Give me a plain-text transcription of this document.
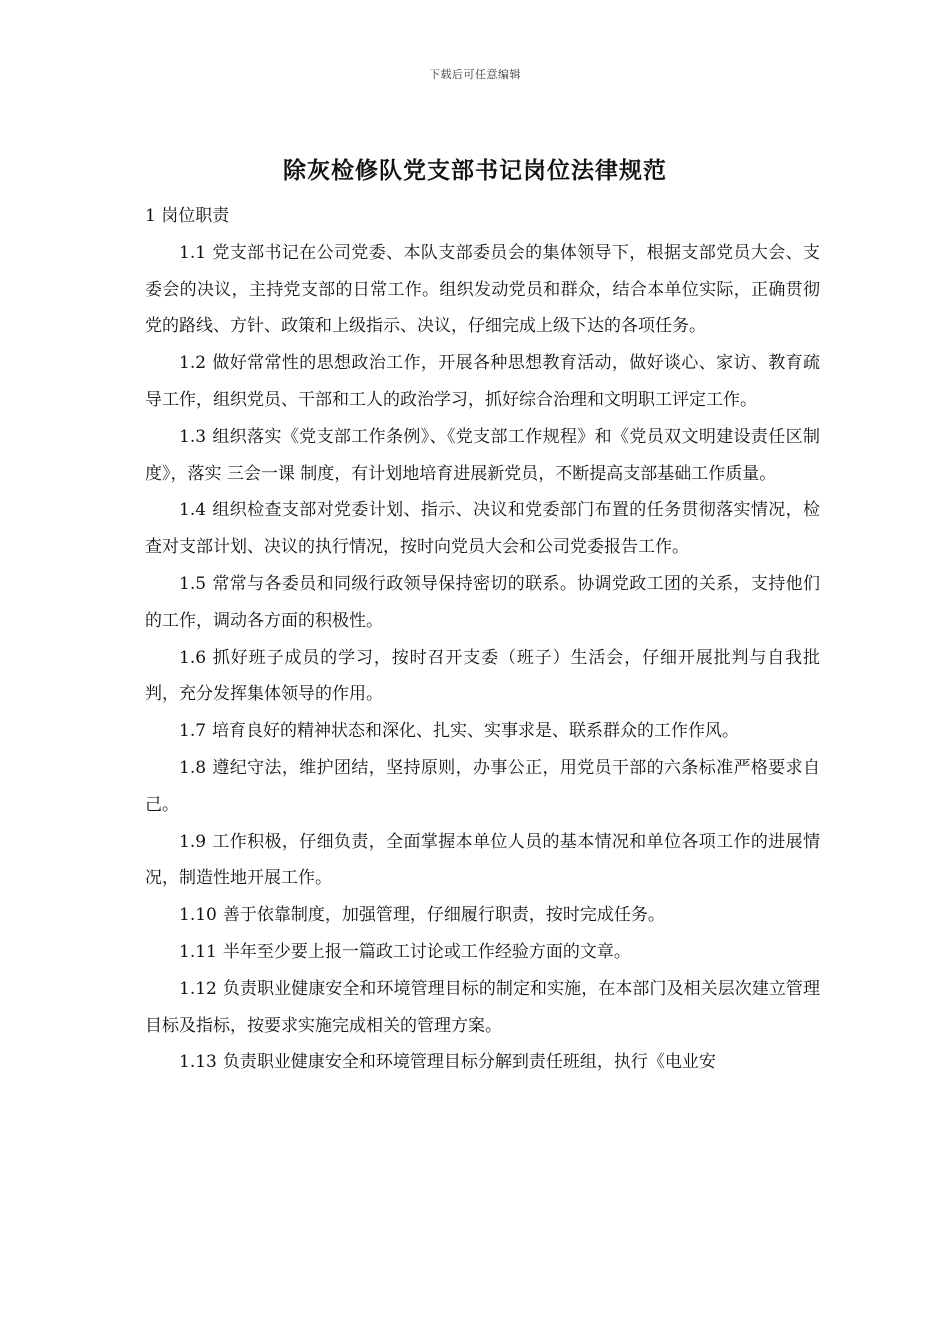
下载后可任意编辑
除灰检修队党支部书记岗位法律规范

1 岗位职责

1.1 党支部书记在公司党委、本队支部委员会的集体领导下，根据支部党员大会、支委会的决议，主持党支部的日常工作。组织发动党员和群众，结合本单位实际，正确贯彻党的路线、方针、政策和上级指示、决议，仔细完成上级下达的各项任务。

1.2 做好常常性的思想政治工作，开展各种思想教育活动，做好谈心、家访、教育疏导工作，组织党员、干部和工人的政治学习，抓好综合治理和文明职工评定工作。

1.3 组织落实《党支部工作条例》、《党支部工作规程》和《党员双文明建设责任区制度》，落实 三会一课 制度，有计划地培育进展新党员，不断提高支部基础工作质量。

1.4 组织检查支部对党委计划、指示、决议和党委部门布置的任务贯彻落实情况，检查对支部计划、决议的执行情况，按时向党员大会和公司党委报告工作。

1.5 常常与各委员和同级行政领导保持密切的联系。协调党政工团的关系，支持他们的工作，调动各方面的积极性。

1.6 抓好班子成员的学习，按时召开支委（班子）生活会，仔细开展批判与自我批判，充分发挥集体领导的作用。

1.7 培育良好的精神状态和深化、扎实、实事求是、联系群众的工作作风。

1.8 遵纪守法，维护团结，坚持原则，办事公正，用党员干部的六条标准严格要求自己。

1.9 工作积极，仔细负责，全面掌握本单位人员的基本情况和单位各项工作的进展情况，制造性地开展工作。

1.10 善于依靠制度，加强管理，仔细履行职责，按时完成任务。

1.11 半年至少要上报一篇政工讨论或工作经验方面的文章。

1.12 负责职业健康安全和环境管理目标的制定和实施，在本部门及相关层次建立管理目标及指标，按要求实施完成相关的管理方案。

1.13 负责职业健康安全和环境管理目标分解到责任班组，执行《电业安
